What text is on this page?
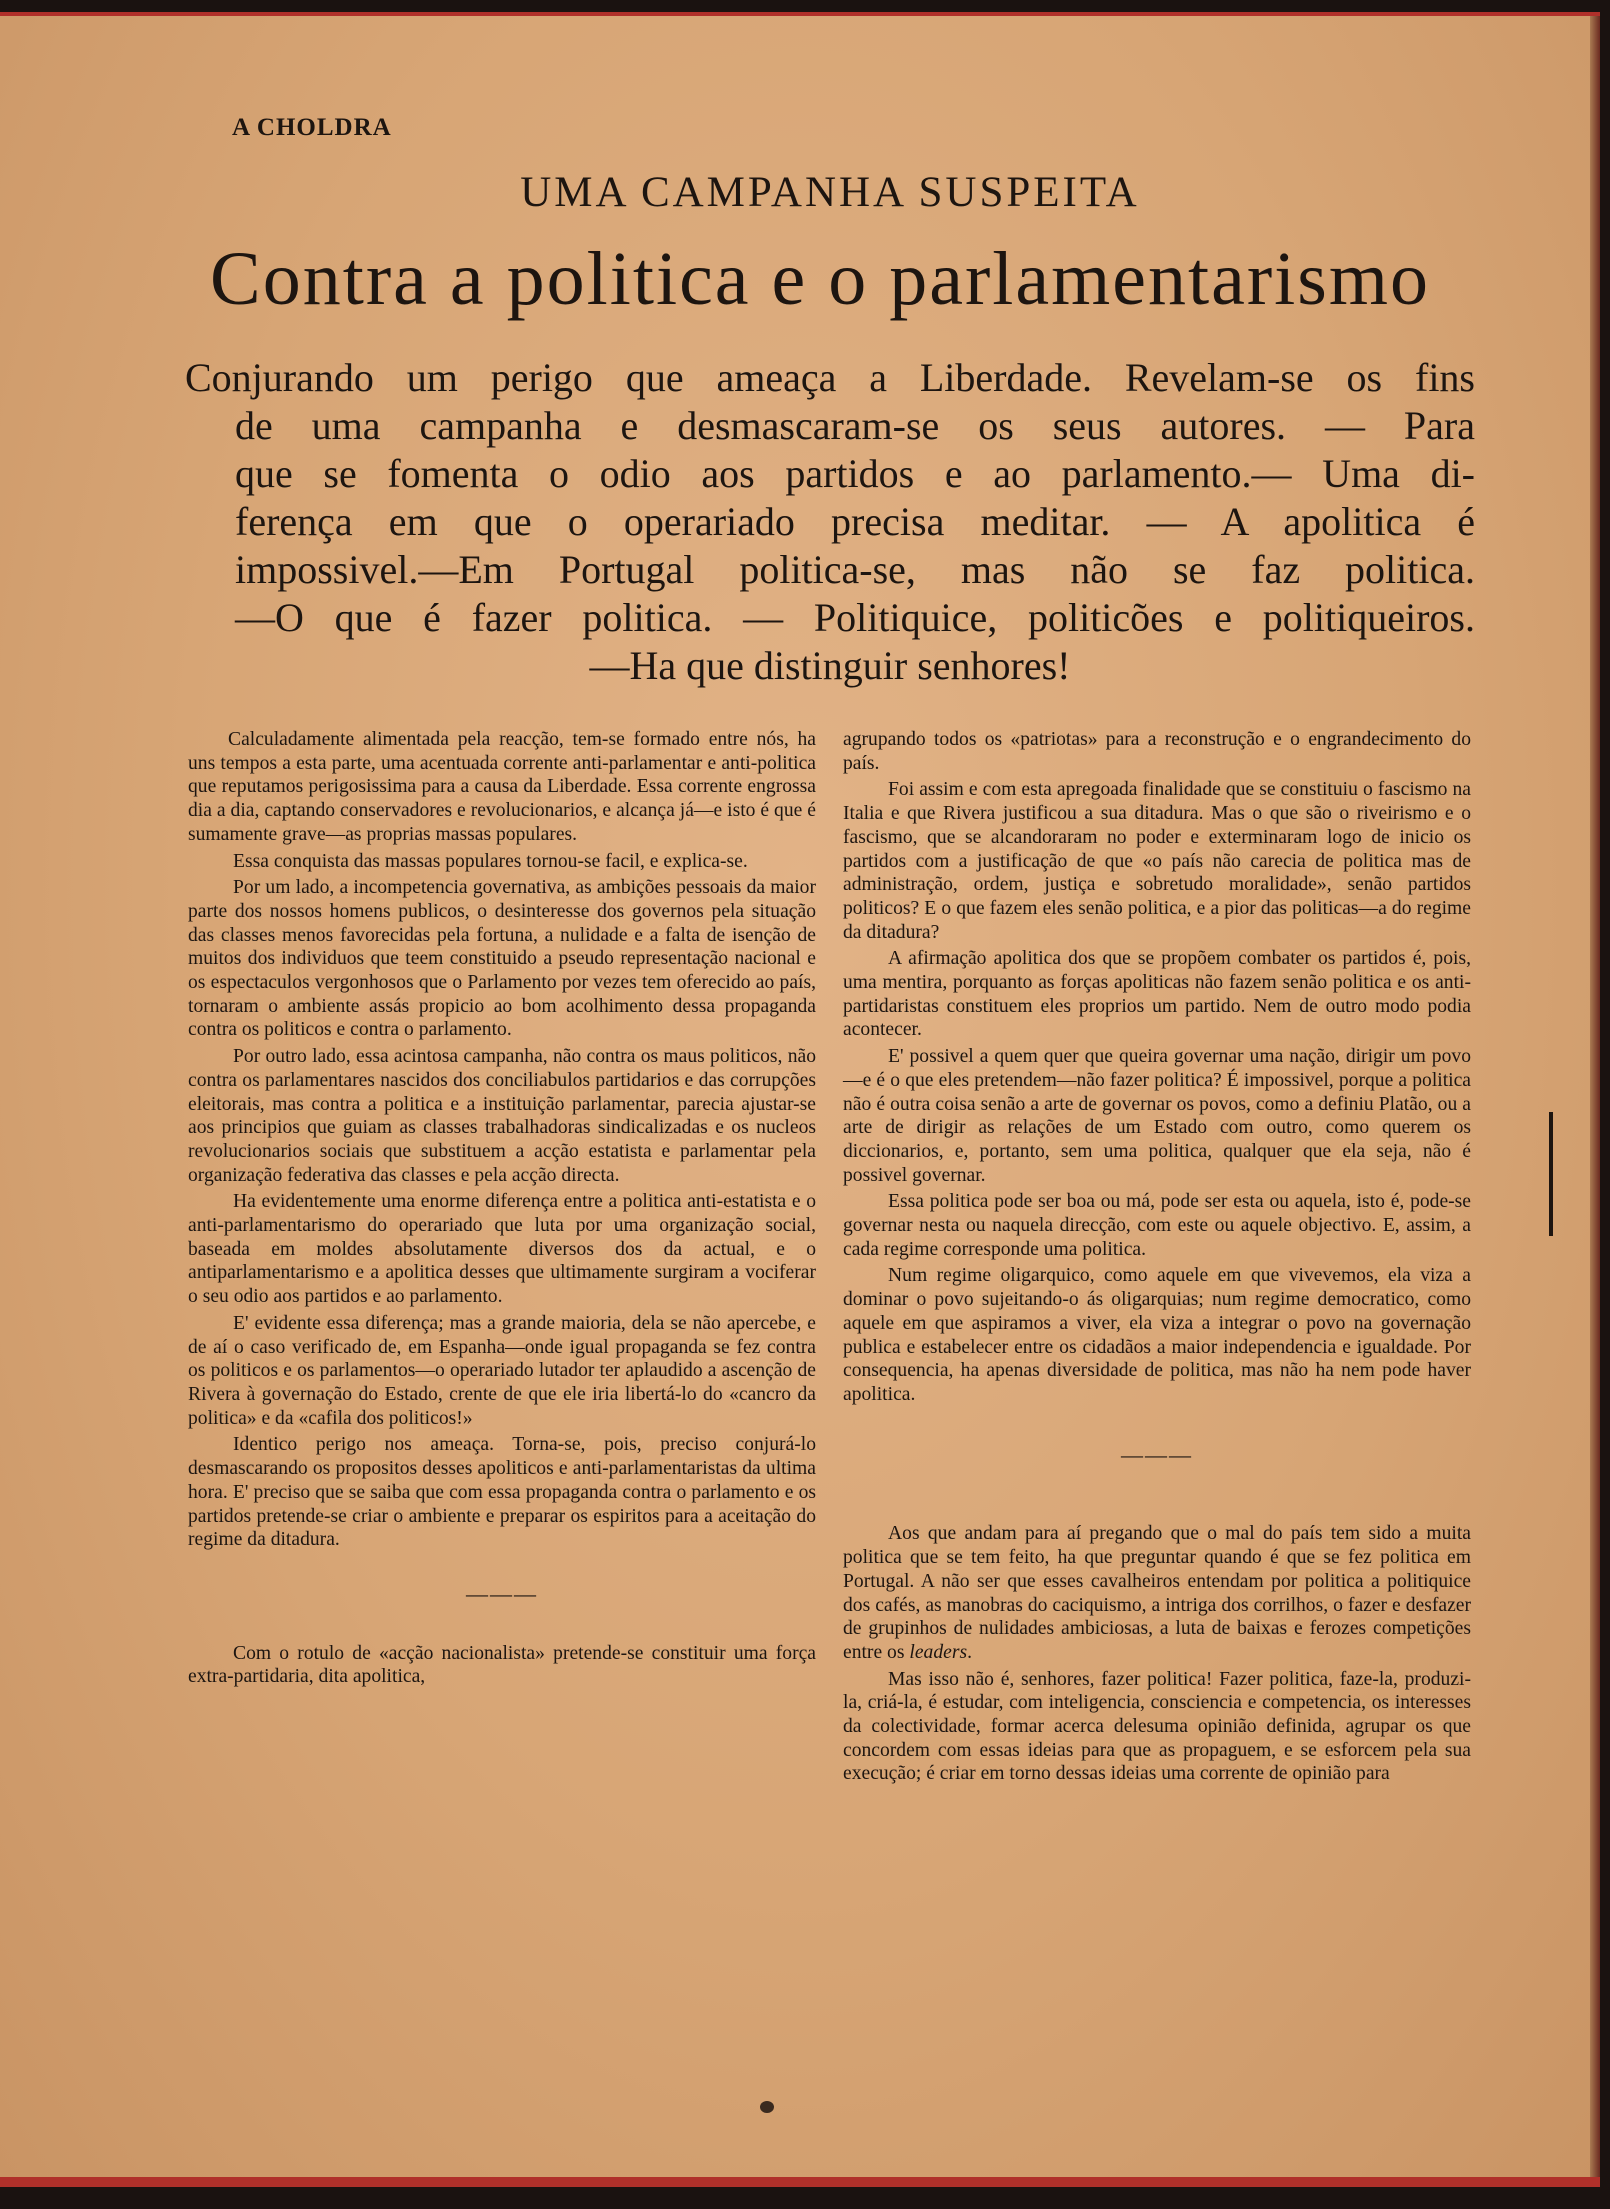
A CHOLDRA
UMA CAMPANHA SUSPEITA
Contra a politica e o parlamentarismo
Conjurando um perigo que ameaça a Liberdade. Revelam-se os fins
de uma campanha e desmascaram-se os seus autores. — Para
que se fomenta o odio aos partidos e ao parlamento.— Uma di-
ferença em que o operariado precisa meditar. — A apolitica é
impossivel.—Em Portugal politica-se, mas não se faz politica.
—O que é fazer politica. — Politiquice, politicões e politiqueiros.
—Ha que distinguir senhores!

Calculadamente alimentada pela reacção, tem-se formado entre nós, ha uns tempos a esta parte, uma acentuada corrente anti-parlamentar e anti-politica que reputamos perigosissima para a causa da Liberdade. Essa corrente engrossa dia a dia, captando conservadores e revolucionarios, e alcança já—e isto é que é sumamente grave—as proprias massas populares.

Essa conquista das massas populares tornou-se facil, e explica-se.

Por um lado, a incompetencia governativa, as ambições pessoais da maior parte dos nossos homens publicos, o desinteresse dos governos pela situação das classes menos favorecidas pela fortuna, a nulidade e a falta de isenção de muitos dos individuos que teem constituido a pseudo representação nacional e os espectaculos vergonhosos que o Parlamento por vezes tem oferecido ao país, tornaram o ambiente assás propicio ao bom acolhimento dessa propaganda contra os politicos e contra o parlamento.

Por outro lado, essa acintosa campanha, não contra os maus politicos, não contra os parlamentares nascidos dos conciliabulos partidarios e das corrupções eleitorais, mas contra a politica e a instituição parlamentar, parecia ajustar-se aos principios que guiam as classes trabalhadoras sindicalizadas e os nucleos revolucionarios sociais que substituem a acção estatista e parlamentar pela organização federativa das classes e pela acção directa.

Ha evidentemente uma enorme diferença entre a politica anti-estatista e o anti-parlamentarismo do operariado que luta por uma organização social, baseada em moldes absolutamente diversos dos da actual, e o antiparlamentarismo e a apolitica desses que ultimamente surgiram a vociferar o seu odio aos partidos e ao parlamento.

E' evidente essa diferença; mas a grande maioria, dela se não apercebe, e de aí o caso verificado de, em Espanha—onde igual propaganda se fez contra os politicos e os parlamentos—o operariado lutador ter aplaudido a ascenção de Rivera à governação do Estado, crente de que ele iria libertá-lo do «cancro da politica» e da «cafila dos politicos!»

Identico perigo nos ameaça. Torna-se, pois, preciso conjurá-lo desmascarando os propositos desses apoliticos e anti-parlamentaristas da ultima hora. E' preciso que se saiba que com essa propaganda contra o parlamento e os partidos pretende-se criar o ambiente e preparar os espiritos para a aceitação do regime da ditadura.

———

Com o rotulo de «acção nacionalista» pretende-se constituir uma força extra-partidaria, dita apolitica,

agrupando todos os «patriotas» para a reconstrução e o engrandecimento do país.

Foi assim e com esta apregoada finalidade que se constituiu o fascismo na Italia e que Rivera justificou a sua ditadura. Mas o que são o riveirismo e o fascismo, que se alcandoraram no poder e exterminaram logo de inicio os partidos com a justificação de que «o país não carecia de politica mas de administração, ordem, justiça e sobretudo moralidade», senão partidos politicos? E o que fazem eles senão politica, e a pior das politicas—a do regime da ditadura?

A afirmação apolitica dos que se propõem combater os partidos é, pois, uma mentira, porquanto as forças apoliticas não fazem senão politica e os anti-partidaristas constituem eles proprios um partido. Nem de outro modo podia acontecer.

E' possivel a quem quer que queira governar uma nação, dirigir um povo—e é o que eles pretendem—não fazer politica? É impossivel, porque a politica não é outra coisa senão a arte de governar os povos, como a definiu Platão, ou a arte de dirigir as relações de um Estado com outro, como querem os diccionarios, e, portanto, sem uma politica, qualquer que ela seja, não é possivel governar.

Essa politica pode ser boa ou má, pode ser esta ou aquela, isto é, pode-se governar nesta ou naquela direcção, com este ou aquele objectivo. E, assim, a cada regime corresponde uma politica.

Num regime oligarquico, como aquele em que vivevemos, ela viza a dominar o povo sujeitando-o ás oligarquias; num regime democratico, como aquele em que aspiramos a viver, ela viza a integrar o povo na governação publica e estabelecer entre os cidadãos a maior independencia e igualdade. Por consequencia, ha apenas diversidade de politica, mas não ha nem pode haver apolitica.

———

Aos que andam para aí pregando que o mal do país tem sido a muita politica que se tem feito, ha que preguntar quando é que se fez politica em Portugal. A não ser que esses cavalheiros entendam por politica a politiquice dos cafés, as manobras do caciquismo, a intriga dos corrilhos, o fazer e desfazer de grupinhos de nulidades ambiciosas, a luta de baixas e ferozes competições entre os leaders.

Mas isso não é, senhores, fazer politica! Fazer politica, faze-la, produzi-la, criá-la, é estudar, com inteligencia, consciencia e competencia, os interesses da colectividade, formar acerca delesuma opinião definida, agrupar os que concordem com essas ideias para que as propaguem, e se esforcem pela sua execução; é criar em torno dessas ideias uma corrente de opinião para
